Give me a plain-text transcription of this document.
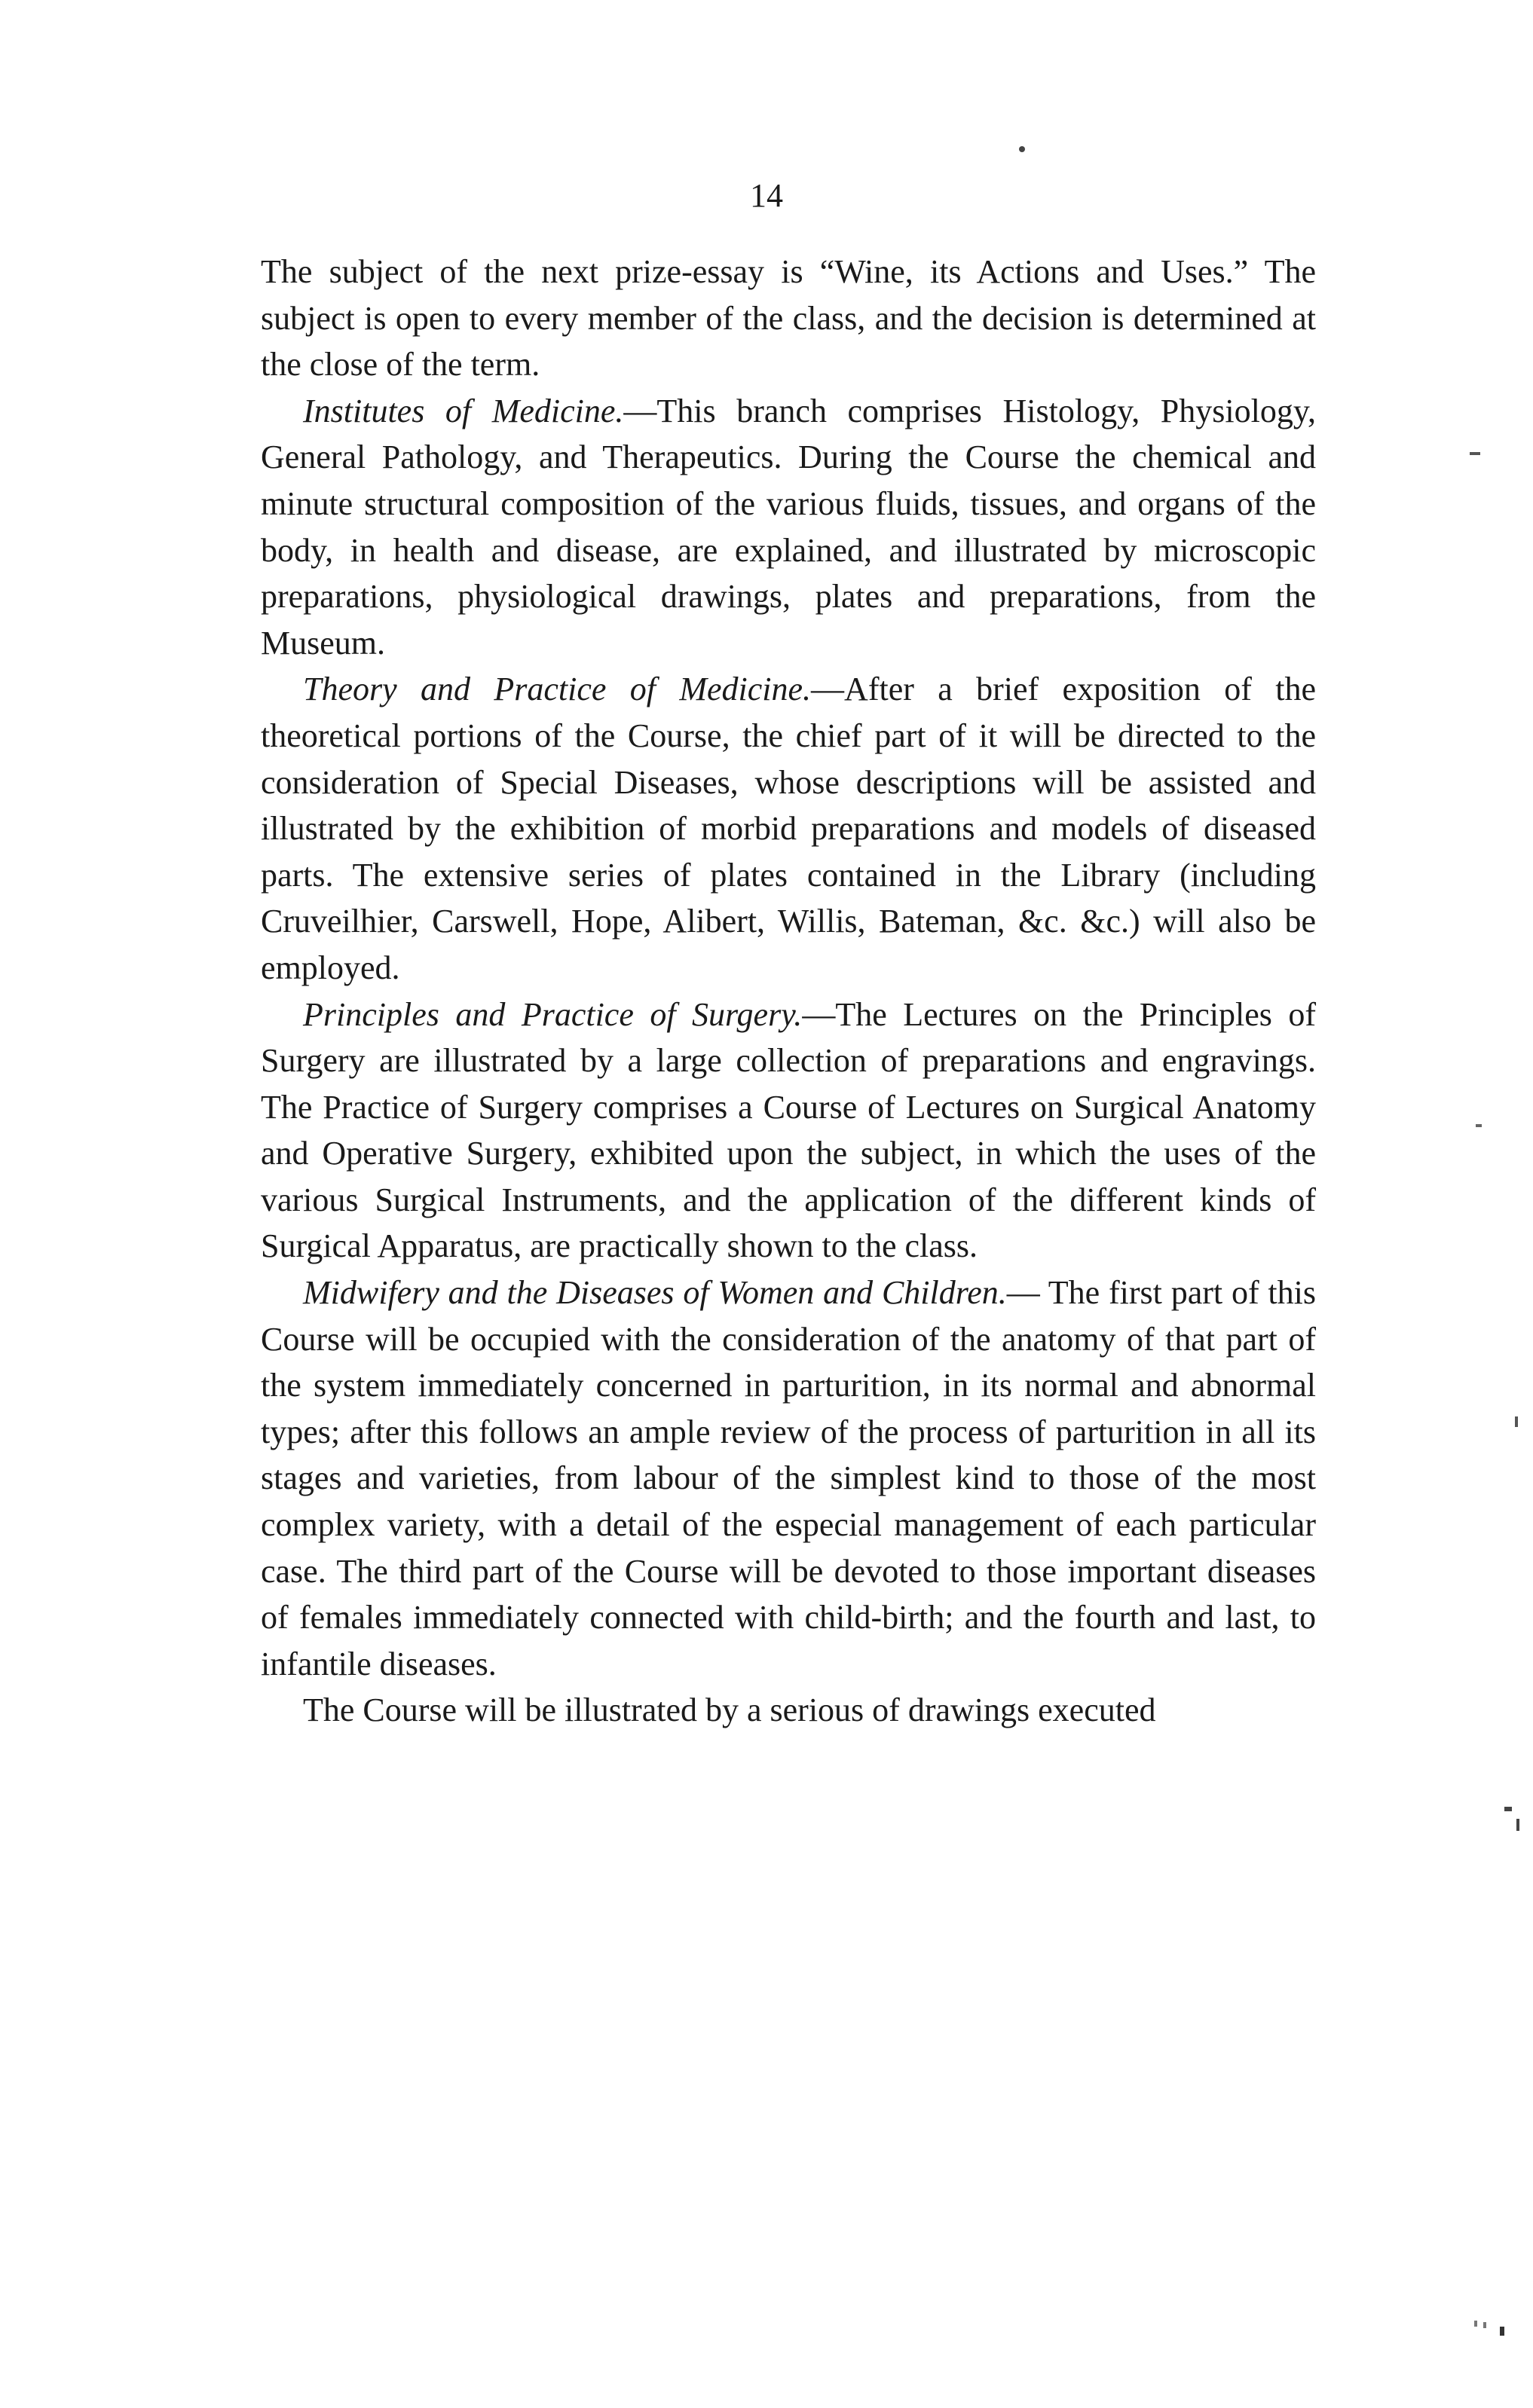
14

The subject of the next prize-essay is “Wine, its Actions and Uses.” The subject is open to every member of the class, and the decision is determined at the close of the term.

Institutes of Medicine.—This branch comprises Histology, Physiology, General Pathology, and Therapeutics. During the Course the chemical and minute structural composition of the various fluids, tissues, and organs of the body, in health and disease, are explained, and illustrated by microscopic preparations, physiological drawings, plates and preparations, from the Museum.

Theory and Practice of Medicine.—After a brief exposition of the theoretical portions of the Course, the chief part of it will be directed to the consideration of Special Diseases, whose descriptions will be assisted and illustrated by the exhibition of morbid preparations and models of diseased parts. The extensive series of plates contained in the Library (including Cruveilhier, Carswell, Hope, Alibert, Willis, Bateman, &c. &c.) will also be employed.

Principles and Practice of Surgery.—The Lectures on the Principles of Surgery are illustrated by a large collection of preparations and engravings. The Practice of Surgery comprises a Course of Lectures on Surgical Anatomy and Operative Surgery, exhibited upon the subject, in which the uses of the various Surgical Instruments, and the application of the different kinds of Surgical Apparatus, are practically shown to the class.

Midwifery and the Diseases of Women and Children.— The first part of this Course will be occupied with the consideration of the anatomy of that part of the system immediately concerned in parturition, in its normal and abnormal types; after this follows an ample review of the process of parturition in all its stages and varieties, from labour of the simplest kind to those of the most complex variety, with a detail of the especial management of each particular case. The third part of the Course will be devoted to those important diseases of females immediately connected with child-birth; and the fourth and last, to infantile diseases.

The Course will be illustrated by a serious of drawings executed
